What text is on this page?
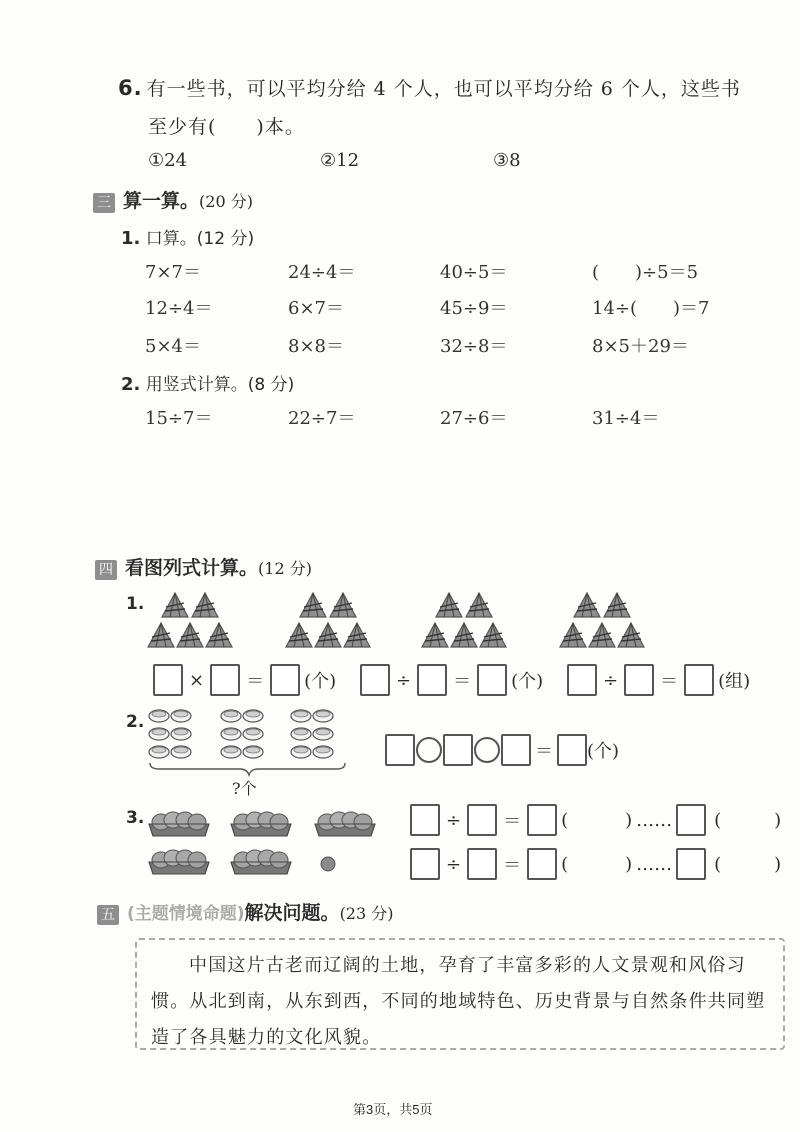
6. 有一些书，可以平均分给 4 个人，也可以平均分给 6 个人，这些书
至少有(　　)本。
①24	②12	③8
三 算一算。(20 分)
1. 口算。(12 分)
7×7＝	24÷4＝	40÷5＝	(　　)÷5＝5
12÷4＝	6×7＝	45÷9＝	14÷(　　)＝7
5×4＝	8×8＝	32÷8＝	8×5＋29＝
2. 用竖式计算。(8 分)
15÷7＝	22÷7＝	27÷6＝	31÷4＝
四 看图列式计算。(12 分)
1.
× ＝ (个)	÷ ＝ (个)	÷ ＝ (组)
2.
?个
＝ (个)
3.	÷ ＝ (	) …… (	)
÷ ＝ (	) …… (	)
五 (主题情境命题)解决问题。(23 分)
中国这片古老而辽阔的土地，孕育了丰富多彩的人文景观和风俗习惯。从北到南，从东到西，不同的地域特色、历史背景与自然条件共同塑造了各具魅力的文化风貌。
第3页，共5页
